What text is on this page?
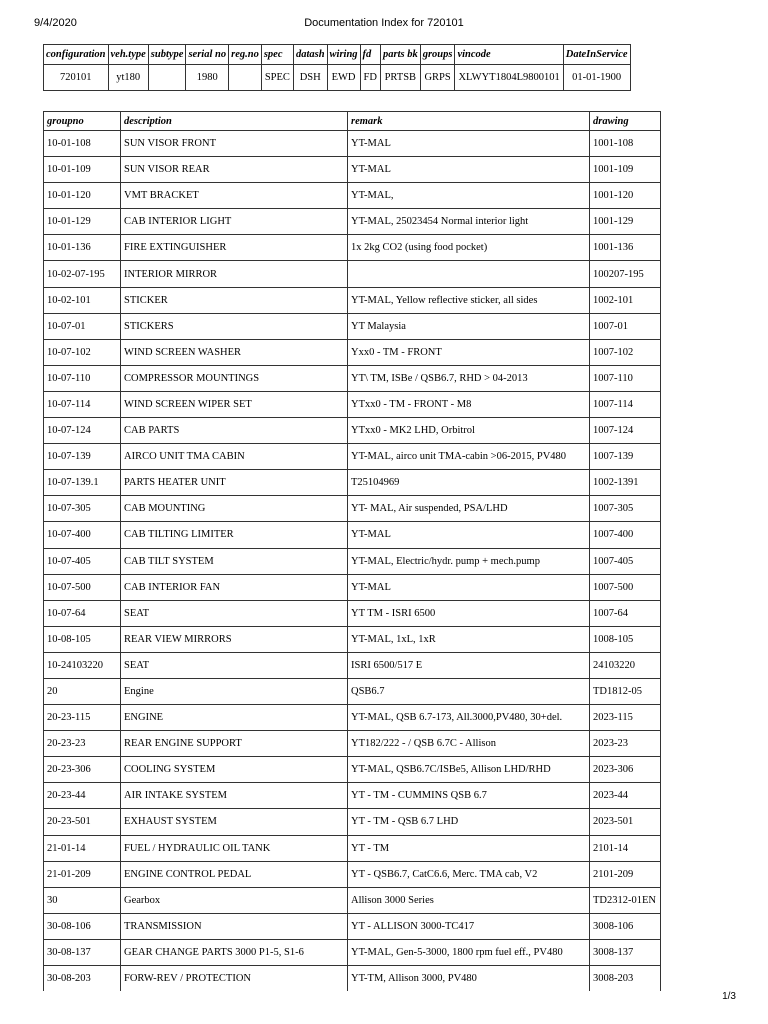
9/4/2020	Documentation Index for 720101
configuration	veh.type	subtype	serial no	reg.no	spec	datash	wiring	fd	parts bk	groups	vincode	DateInService
720101	yt180		1980		SPEC	DSH	EWD	FD	PRTSB	GRPS	XLWYT1804L9800101	01-01-1900
groupno	description	remark	drawing
10-01-108	SUN VISOR FRONT	YT-MAL	1001-108
10-01-109	SUN VISOR REAR	YT-MAL	1001-109
10-01-120	VMT BRACKET	YT-MAL,	1001-120
10-01-129	CAB INTERIOR LIGHT	YT-MAL, 25023454 Normal interior light	1001-129
10-01-136	FIRE EXTINGUISHER	1x 2kg CO2 (using food pocket)	1001-136
10-02-07-195	INTERIOR MIRROR		100207-195
10-02-101	STICKER	YT-MAL, Yellow reflective sticker, all sides	1002-101
10-07-01	STICKERS	YT Malaysia	1007-01
10-07-102	WIND SCREEN WASHER	Yxx0 - TM - FRONT	1007-102
10-07-110	COMPRESSOR MOUNTINGS	YT\ TM, ISBe / QSB6.7, RHD > 04-2013	1007-110
10-07-114	WIND SCREEN WIPER SET	YTxx0 - TM - FRONT - M8	1007-114
10-07-124	CAB PARTS	YTxx0 - MK2 LHD, Orbitrol	1007-124
10-07-139	AIRCO UNIT TMA CABIN	YT-MAL, airco unit TMA-cabin >06-2015, PV480	1007-139
10-07-139.1	PARTS HEATER UNIT	T25104969	1002-1391
10-07-305	CAB MOUNTING	YT- MAL, Air suspended, PSA/LHD	1007-305
10-07-400	CAB TILTING LIMITER	YT-MAL	1007-400
10-07-405	CAB TILT SYSTEM	YT-MAL, Electric/hydr. pump + mech.pump	1007-405
10-07-500	CAB INTERIOR FAN	YT-MAL	1007-500
10-07-64	SEAT	YT TM - ISRI 6500	1007-64
10-08-105	REAR VIEW MIRRORS	YT-MAL, 1xL, 1xR	1008-105
10-24103220	SEAT	ISRI 6500/517 E	24103220
20	Engine	QSB6.7	TD1812-05
20-23-115	ENGINE	YT-MAL, QSB 6.7-173, All.3000,PV480, 30+del.	2023-115
20-23-23	REAR ENGINE SUPPORT	YT182/222 - / QSB 6.7C - Allison	2023-23
20-23-306	COOLING SYSTEM	YT-MAL, QSB6.7C/ISBe5, Allison LHD/RHD	2023-306
20-23-44	AIR INTAKE SYSTEM	YT - TM - CUMMINS QSB 6.7	2023-44
20-23-501	EXHAUST SYSTEM	YT - TM - QSB 6.7 LHD	2023-501
21-01-14	FUEL / HYDRAULIC OIL TANK	YT - TM	2101-14
21-01-209	ENGINE CONTROL PEDAL	YT - QSB6.7, CatC6.6, Merc. TMA cab, V2	2101-209
30	Gearbox	Allison 3000 Series	TD2312-01EN
30-08-106	TRANSMISSION	YT - ALLISON 3000-TC417	3008-106
30-08-137	GEAR CHANGE PARTS 3000 P1-5, S1-6	YT-MAL, Gen-5-3000, 1800 rpm fuel eff., PV480	3008-137
30-08-203	FORW-REV / PROTECTION	YT-TM, Allison 3000, PV480	3008-203
1/3
